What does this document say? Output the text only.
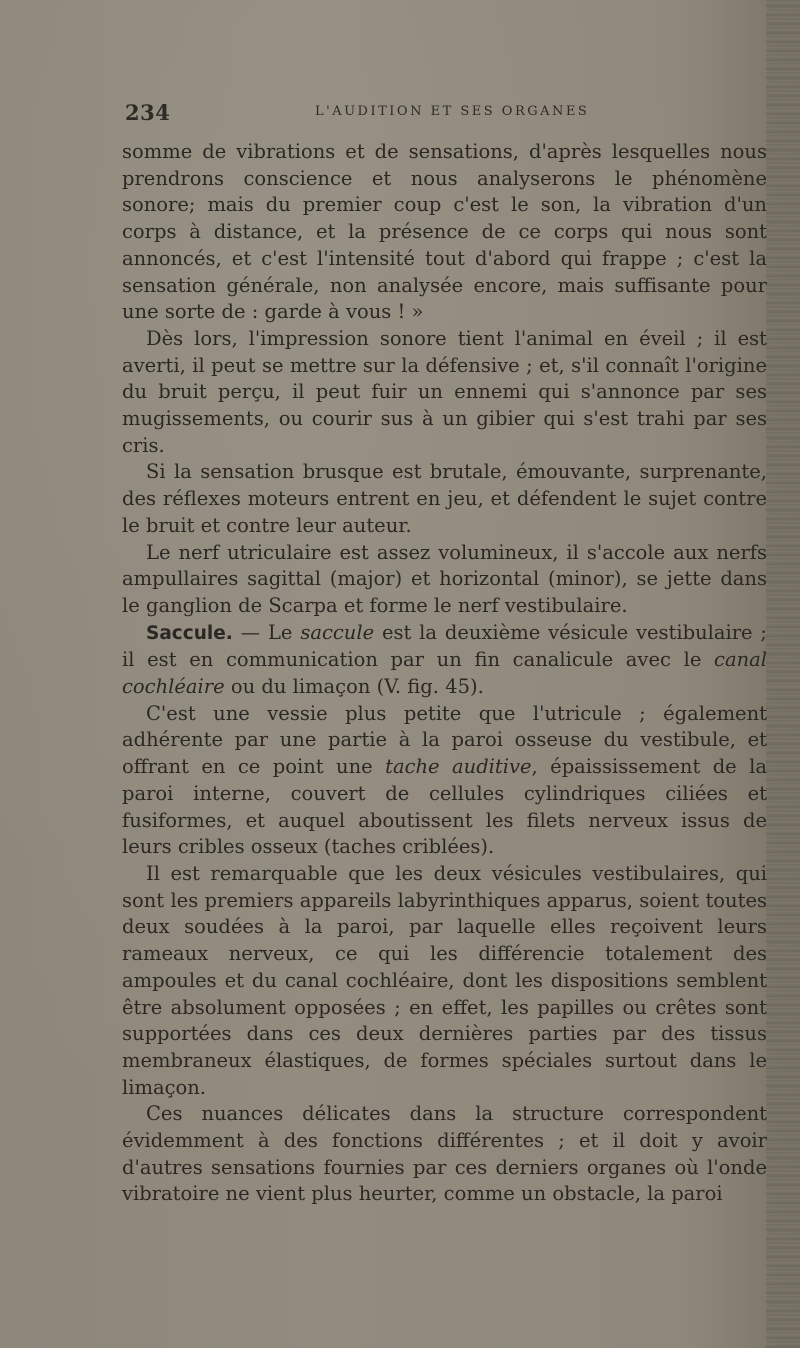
234	L'AUDITION ET SES ORGANES

somme de vibrations et de sensations, d'après lesquelles nous prendrons conscience et nous analyserons le phénomène sonore; mais du premier coup c'est le son, la vibration d'un corps à distance, et la présence de ce corps qui nous sont annoncés, et c'est l'intensité tout d'abord qui frappe ; c'est la sensation générale, non analysée encore, mais suffisante pour une sorte de : garde à vous ! »

Dès lors, l'impression sonore tient l'animal en éveil ; il est averti, il peut se mettre sur la défensive ; et, s'il connaît l'origine du bruit perçu, il peut fuir un ennemi qui s'annonce par ses mugissements, ou courir sus à un gibier qui s'est trahi par ses cris.

Si la sensation brusque est brutale, émouvante, surprenante, des réflexes moteurs entrent en jeu, et défendent le sujet contre le bruit et contre leur auteur.

Le nerf utriculaire est assez volumineux, il s'accole aux nerfs ampullaires sagittal (major) et horizontal (minor), se jette dans le ganglion de Scarpa et forme le nerf vestibulaire.

Saccule. — Le saccule est la deuxième vésicule vestibulaire ; il est en communication par un fin canalicule avec le canal cochléaire ou du limaçon (V. fig. 45).

C'est une vessie plus petite que l'utricule ; également adhérente par une partie à la paroi osseuse du vestibule, et offrant en ce point une tache auditive, épaississement de la paroi interne, couvert de cellules cylindriques ciliées et fusiformes, et auquel aboutissent les filets nerveux issus de leurs cribles osseux (taches criblées).

Il est remarquable que les deux vésicules vestibulaires, qui sont les premiers appareils labyrinthiques apparus, soient toutes deux soudées à la paroi, par laquelle elles reçoivent leurs rameaux nerveux, ce qui les différencie totalement des ampoules et du canal cochléaire, dont les dispositions semblent être absolument opposées ; en effet, les papilles ou crêtes sont supportées dans ces deux dernières parties par des tissus membraneux élastiques, de formes spéciales surtout dans le limaçon.

Ces nuances délicates dans la structure correspondent évidemment à des fonctions différentes ; et il doit y avoir d'autres sensations fournies par ces derniers organes où l'onde vibratoire ne vient plus heurter, comme un obstacle, la paroi
